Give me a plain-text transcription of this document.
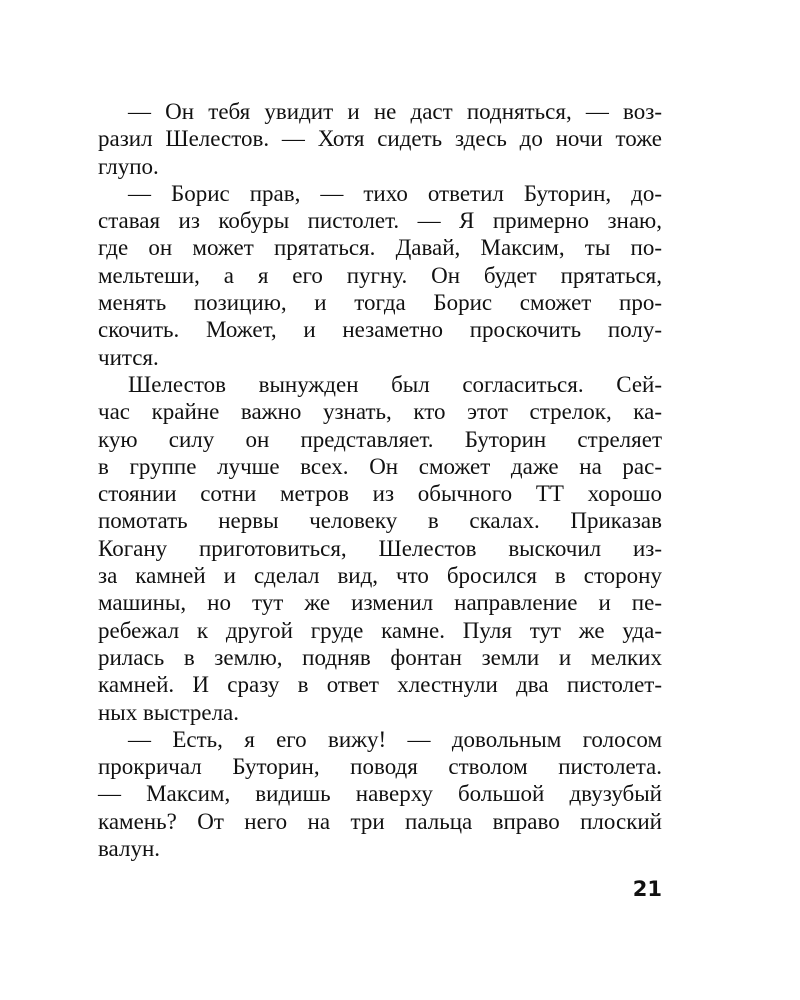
— Он тебя увидит и не даст подняться, — воз-
разил Шелестов. — Хотя сидеть здесь до ночи тоже
глупо.

— Борис прав, — тихо ответил Буторин, до-
ставая из кобуры пистолет. — Я примерно знаю,
где он может прятаться. Давай, Максим, ты по-
мельтеши, а я его пугну. Он будет прятаться,
менять позицию, и тогда Борис сможет про-
скочить. Может, и незаметно проскочить полу-
чится.

Шелестов вынужден был согласиться. Сей-
час крайне важно узнать, кто этот стрелок, ка-
кую силу он представляет. Буторин стреляет
в группе лучше всех. Он сможет даже на рас-
стоянии сотни метров из обычного ТТ хорошо
помотать нервы человеку в скалах. Приказав
Когану приготовиться, Шелестов выскочил из-
за камней и сделал вид, что бросился в сторону
машины, но тут же изменил направление и пе-
ребежал к другой груде камне. Пуля тут же уда-
рилась в землю, подняв фонтан земли и мелких
камней. И сразу в ответ хлестнули два пистолет-
ных выстрела.

— Есть, я его вижу! — довольным голосом
прокричал Буторин, поводя стволом пистолета.
— Максим, видишь наверху большой двузубый
камень? От него на три пальца вправо плоский
валун.

21
